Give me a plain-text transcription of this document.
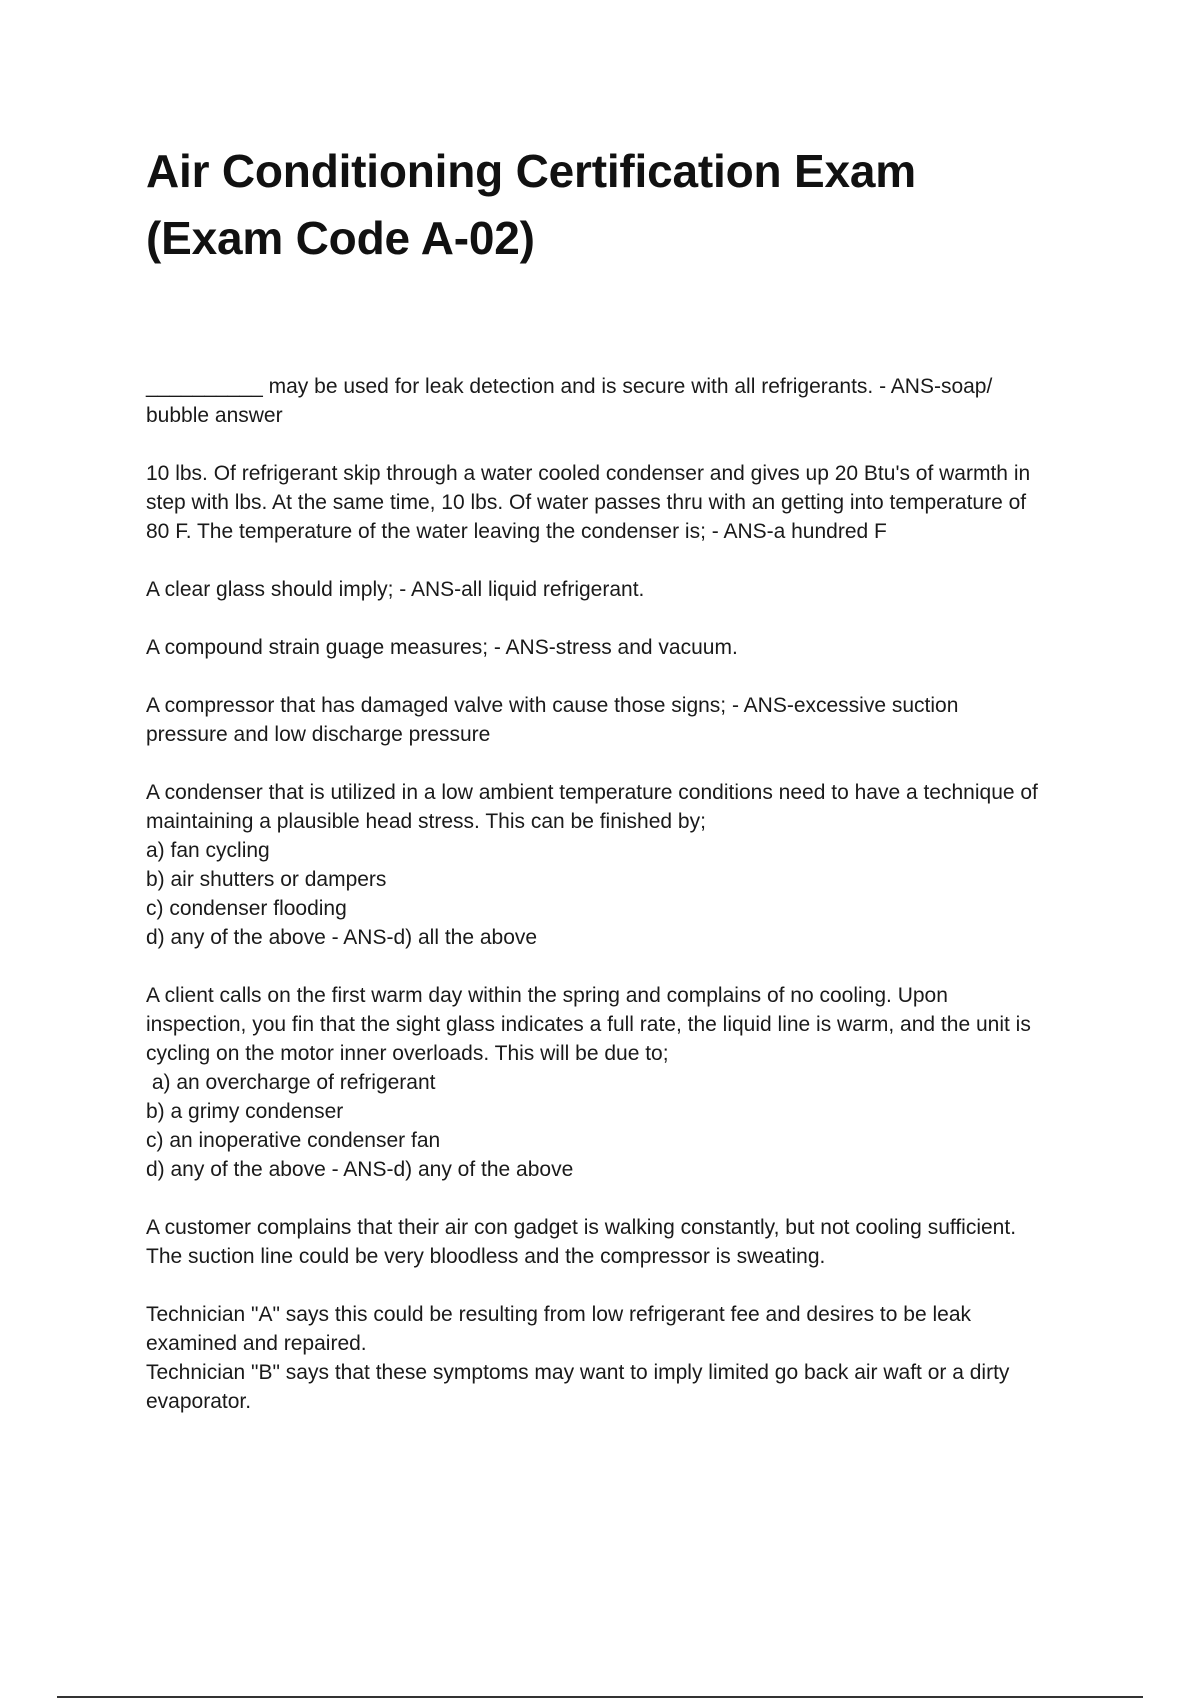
Air Conditioning Certification Exam
(Exam Code A-02)
__________ may be used for leak detection and is secure with all refrigerants. - ANS-soap/
bubble answer
10 lbs. Of refrigerant skip through a water cooled condenser and gives up 20 Btu's of warmth in
step with lbs. At the same time, 10 lbs. Of water passes thru with an getting into temperature of
80 F. The temperature of the water leaving the condenser is; - ANS-a hundred F
A clear glass should imply; - ANS-all liquid refrigerant.
A compound strain guage measures; - ANS-stress and vacuum.
A compressor that has damaged valve with cause those signs; - ANS-excessive suction
pressure and low discharge pressure
A condenser that is utilized in a low ambient temperature conditions need to have a technique of
maintaining a plausible head stress. This can be finished by;
a) fan cycling
b) air shutters or dampers
c) condenser flooding
d) any of the above - ANS-d) all the above
A client calls on the first warm day within the spring and complains of no cooling. Upon
inspection, you fin that the sight glass indicates a full rate, the liquid line is warm, and the unit is
cycling on the motor inner overloads. This will be due to;
a) an overcharge of refrigerant
b) a grimy condenser
c) an inoperative condenser fan
d) any of the above - ANS-d) any of the above
A customer complains that their air con gadget is walking constantly, but not cooling sufficient.
The suction line could be very bloodless and the compressor is sweating.
Technician "A" says this could be resulting from low refrigerant fee and desires to be leak
examined and repaired.
Technician "B" says that these symptoms may want to imply limited go back air waft or a dirty
evaporator.
